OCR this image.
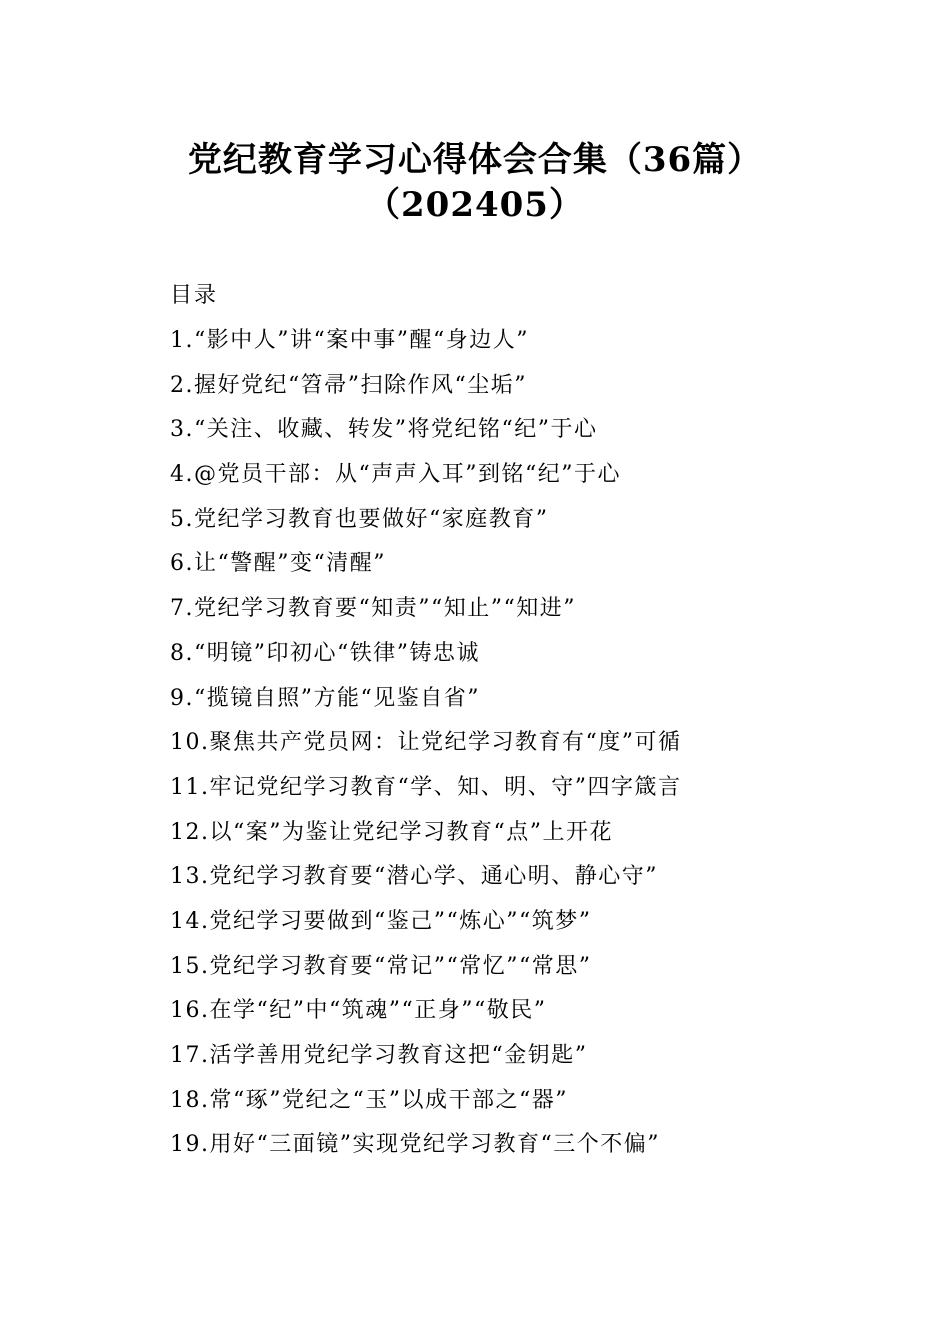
党纪教育学习心得体会合集（36篇）
（202405）
目录
1.“影中人”讲“案中事”醒“身边人”
2.握好党纪“笤帚”扫除作风“尘垢”
3.“关注、收藏、转发”将党纪铭“纪”于心
4.@党员干部：从“声声入耳”到铭“纪”于心
5.党纪学习教育也要做好“家庭教育”
6.让“警醒”变“清醒”
7.党纪学习教育要“知责”“知止”“知进”
8.“明镜”印初心“铁律”铸忠诚
9.“揽镜自照”方能“见鉴自省”
10.聚焦共产党员网：让党纪学习教育有“度”可循
11.牢记党纪学习教育“学、知、明、守”四字箴言
12.以“案”为鉴让党纪学习教育“点”上开花
13.党纪学习教育要“潜心学、通心明、静心守”
14.党纪学习要做到“鉴己”“炼心”“筑梦”
15.党纪学习教育要“常记”“常忆”“常思”
16.在学“纪”中“筑魂”“正身”“敬民”
17.活学善用党纪学习教育这把“金钥匙”
18.常“琢”党纪之“玉”以成干部之“器”
19.用好“三面镜”实现党纪学习教育“三个不偏”
